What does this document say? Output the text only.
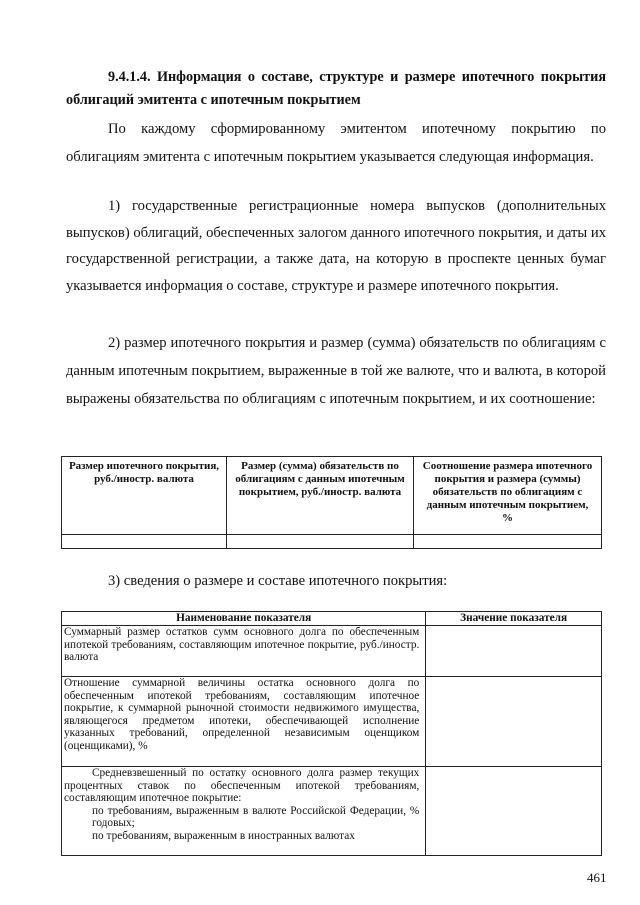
9.4.1.4. Информация о составе, структуре и размере ипотечного покрытия облигаций эмитента с ипотечным покрытием
По каждому сформированному эмитентом ипотечному покрытию по облигациям эмитента с ипотечным покрытием указывается следующая информация.
1) государственные регистрационные номера выпусков (дополнительных выпусков) облигаций, обеспеченных залогом данного ипотечного покрытия, и даты их государственной регистрации, а также дата, на которую в проспекте ценных бумаг указывается информация о составе, структуре и размере ипотечного покрытия.
2) размер ипотечного покрытия и размер (сумма) обязательств по облигациям с данным ипотечным покрытием, выраженные в той же валюте, что и валюта, в которой выражены обязательства по облигациям с ипотечным покрытием, и их соотношение:
Размер ипотечного покрытия, руб./иностр. валюта	Размер (сумма) обязательств по облигациям с данным ипотечным покрытием, руб./иностр. валюта	Соотношение размера ипотечного покрытия и размера (суммы) обязательств по облигациям с данным ипотечным покрытием, %

3) сведения о размере и составе ипотечного покрытия:
Наименование показателя	Значение показателя
Суммарный размер остатков сумм основного долга по обеспеченным ипотекой требованиям, составляющим ипотечное покрытие, руб./иностр. валюта	
Отношение суммарной величины остатка основного долга по обеспеченным ипотекой требованиям, составляющим ипотечное покрытие, к суммарной рыночной стоимости недвижимого имущества, являющегося предметом ипотеки, обеспечивающей исполнение указанных требований, определенной независимым оценщиком (оценщиками), %	

Средневзвешенный по остатку основного долга размер текущих процентных ставок по обеспеченным ипотекой требованиям, составляющим ипотечное покрытие:
по требованиям, выраженным в валюте Российской Федерации, % годовых;
по требованиям, выраженным в иностранных валютах	

461
